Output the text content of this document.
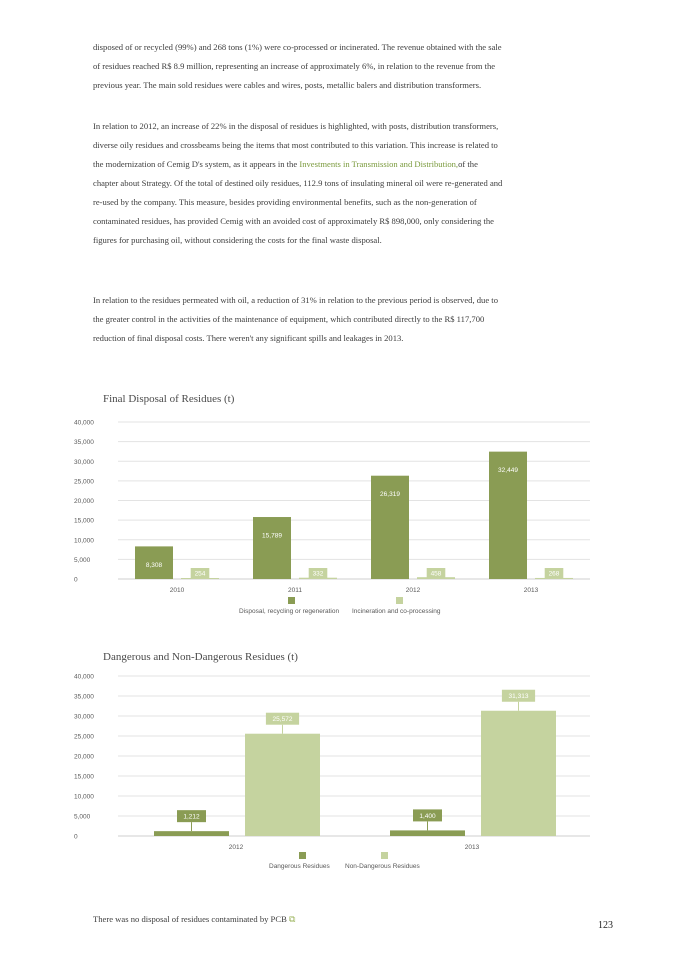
disposed of or recycled (99%) and 268 tons (1%) were co-processed or incinerated. The revenue obtained with the sale of residues reached R$ 8.9 million, representing an increase of approximately 6%, in relation to the revenue from the previous year. The main sold residues were cables and wires, posts, metallic balers and distribution transformers.

In relation to 2012, an increase of 22% in the disposal of residues is highlighted, with posts, distribution transformers, diverse oily residues and crossbeams being the items that most contributed to this variation. This increase is related to the modernization of Cemig D's system, as it appears in the Investments in Transmission and Distribution,of the chapter about Strategy. Of the total of destined oily residues, 112.9 tons of insulating mineral oil were re-generated and re-used by the company. This measure, besides providing environmental benefits, such as the non-generation of contaminated residues, has provided Cemig with an avoided cost of approximately R$ 898,000, only considering the figures for purchasing oil, without considering the costs for the final waste disposal.

In relation to the residues permeated with oil, a reduction of 31% in relation to the previous period is observed, due to the greater control in the activities of the maintenance of equipment, which contributed directly to the R$ 117,700 reduction of final disposal costs. There weren't any significant spills and leakages in 2013.

Final Disposal of Residues (t)
0
5,000
10,000
15,000
20,000
25,000
30,000
35,000
40,000
2010
8,308
254
2011
15,789
332
2012
26,319
458
2013
32,449
268
Disposal, recycling or regeneration Incineration and co-processing
Dangerous and Non-Dangerous Residues (t)
0
5,000
10,000
15,000
20,000
25,000
30,000
35,000
40,000
2012
1,212
25,572
2013
1,400
31,313
Dangerous Residues Non-Dangerous Residues
There was no disposal of residues contaminated by PCB ⧉	123
